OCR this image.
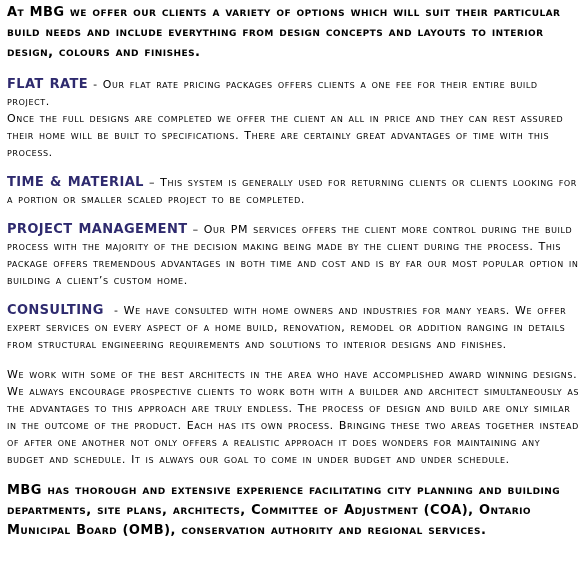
At MBG we offer our clients a variety of options which will suit their particular build needs and include everything from design concepts and layouts to interior design, colours and finishes.

FLAT RATE - Our flat rate pricing packages offers clients a one fee for their entire build project.
Once the full designs are completed we offer the client an all in price and they can rest assured their home will be built to specifications. There are certainly great advantages of time with this process.

TIME & MATERIAL – This system is generally used for returning clients or clients looking for a portion or smaller scaled project to be completed.

PROJECT MANAGEMENT – Our PM services offers the client more control during the build process with the majority of the decision making being made by the client during the process. This package offers tremendous advantages in both time and cost and is by far our most popular option in building a client’s custom home.

CONSULTING  - We have consulted with home owners and industries for many years. We offer expert services on every aspect of a home build, renovation, remodel or addition ranging in details from structural engineering requirements and solutions to interior designs and finishes.

We work with some of the best architects in the area who have accomplished award winning designs. We always encourage prospective clients to work both with a builder and architect simultaneously as the advantages to this approach are truly endless. The process of design and build are only similar in the outcome of the product. Each has its own process. Bringing these two areas together instead of after one another not only offers a realistic approach it does wonders for maintaining any budget and schedule. It is always our goal to come in under budget and under schedule.

MBG has thorough and extensive experience facilitating city planning and building departments, site plans, architects, Committee of Adjustment (COA), Ontario Municipal Board (OMB), conservation authority and regional services.
